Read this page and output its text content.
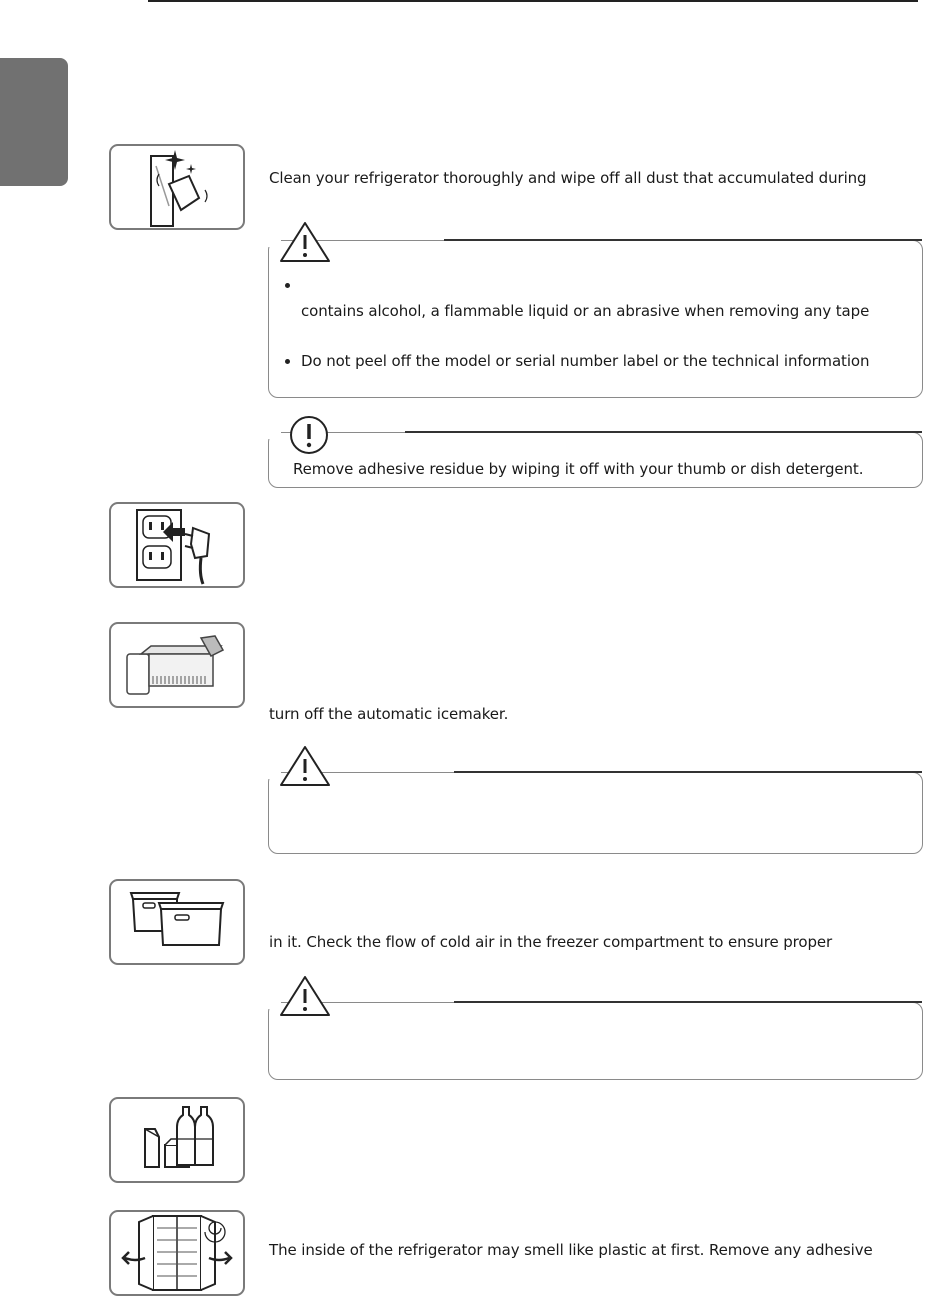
Clean your refrigerator thoroughly and wipe off all dust that accumulated during
contains alcohol, a flammable liquid or an abrasive when removing any tape
Do not peel off the model or serial number label or the technical information
Remove adhesive residue by wiping it off with your thumb or dish detergent.
turn off the automatic icemaker.
in it. Check the flow of cold air in the freezer compartment to ensure proper
The inside of the refrigerator may smell like plastic at first. Remove any adhesive
